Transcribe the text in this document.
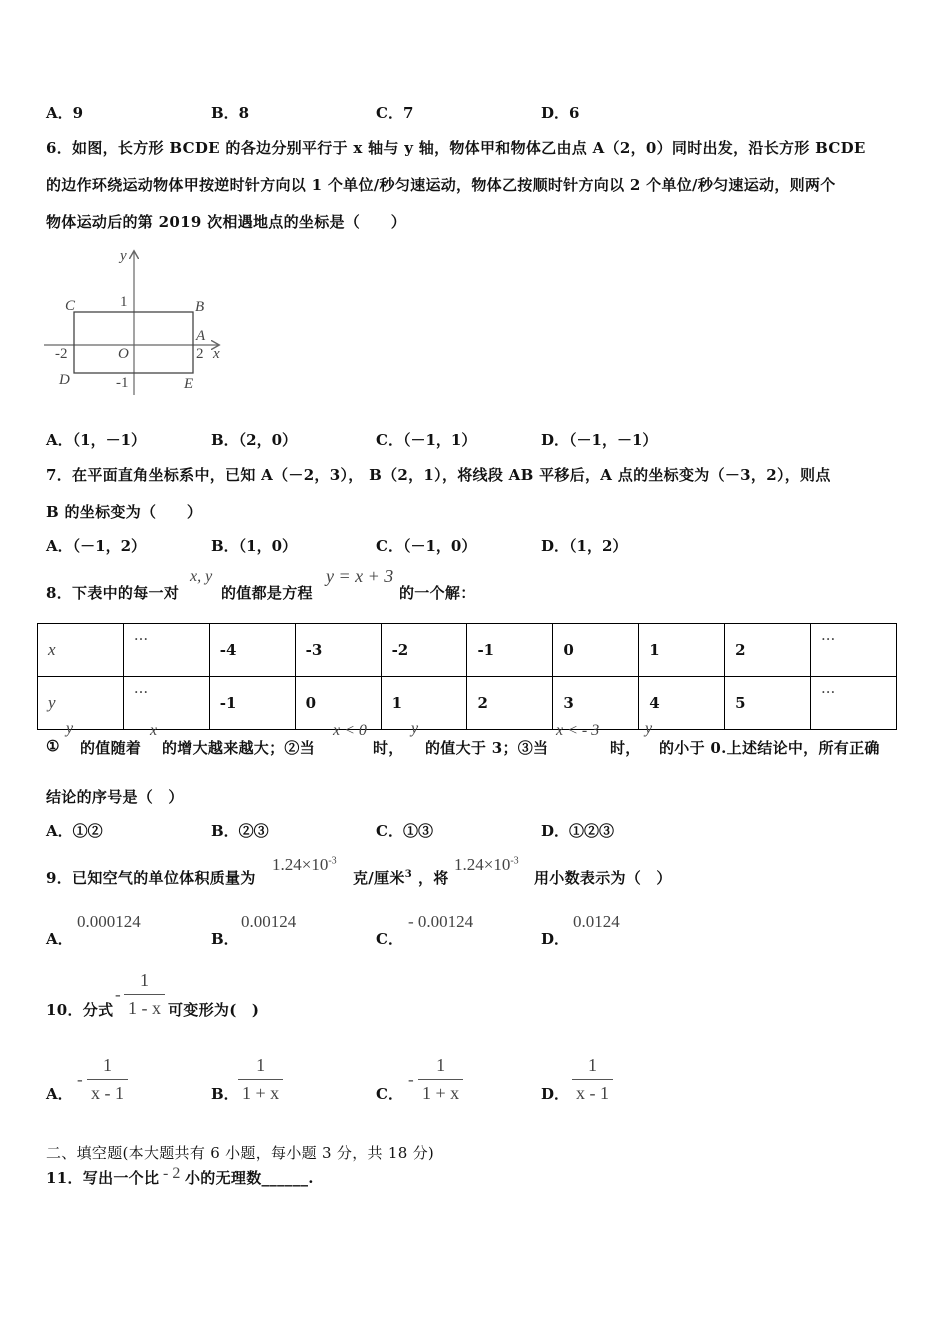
A．9	B．8	C．7	D．6
6．如图，长方形 BCDE 的各边分别平行于 x 轴与 y 轴，物体甲和物体乙由点 A（2，0）同时出发，沿长方形 BCDE
的边作环绕运动物体甲按逆时针方向以 1 个单位/秒匀速运动，物体乙按顺时针方向以 2 个单位/秒匀速运动，则两个
物体运动后的第 2019 次相遇地点的坐标是（　　）
y
x
C	B
A
D	E
O
1
-1
2
-2
A．（1，－1）	B．（2，0）	C．（－1，1）	D．（－1，－1）
7．在平面直角坐标系中，已知 A（－2，3）， B（2，1），将线段 AB 平移后，A 点的坐标变为（－3，2），则点
B 的坐标变为（　　）
A．（－1，2）	B．（1，0）	C．（－1，0）	D．（1，2）
8．下表中的每一对
x, y
的值都是方程
y = x + 3
的一个解：
x	···	-4	-3	-2	-1	0	1	2	···
y	···	-1	0	1	2	3	4	5	···
①
y
的值随着
x
的增大越来越大；②当
x < 0
时，
y
的值大于 3；③当
x < - 3
时，
y
的小于 0.上述结论中，所有正确
结论的序号是（　）
A．①②	B．②③	C．①③	D．①②③
9．已知空气的单位体积质量为
$1.24\times 10^{-3}$
克/厘米$^3$ ，将
$1.24\times 10^{-3}$
用小数表示为（　）
A．
0.000124
B．
0.00124
C．
- 0.00124
D．
0.0124
10．分式
- $\frac{1}{1 - x}$ 可变形为(　)
A．
- $\frac{1}{x - 1}$	B． $\frac{1}{1 + x}$	C．
- $\frac{1}{1 + x}$	D． $\frac{1}{x - 1}$
二、填空题(本大题共有 6 小题，每小题 3 分，共 18 分)
11．写出一个比 - 2 小的无理数______.
